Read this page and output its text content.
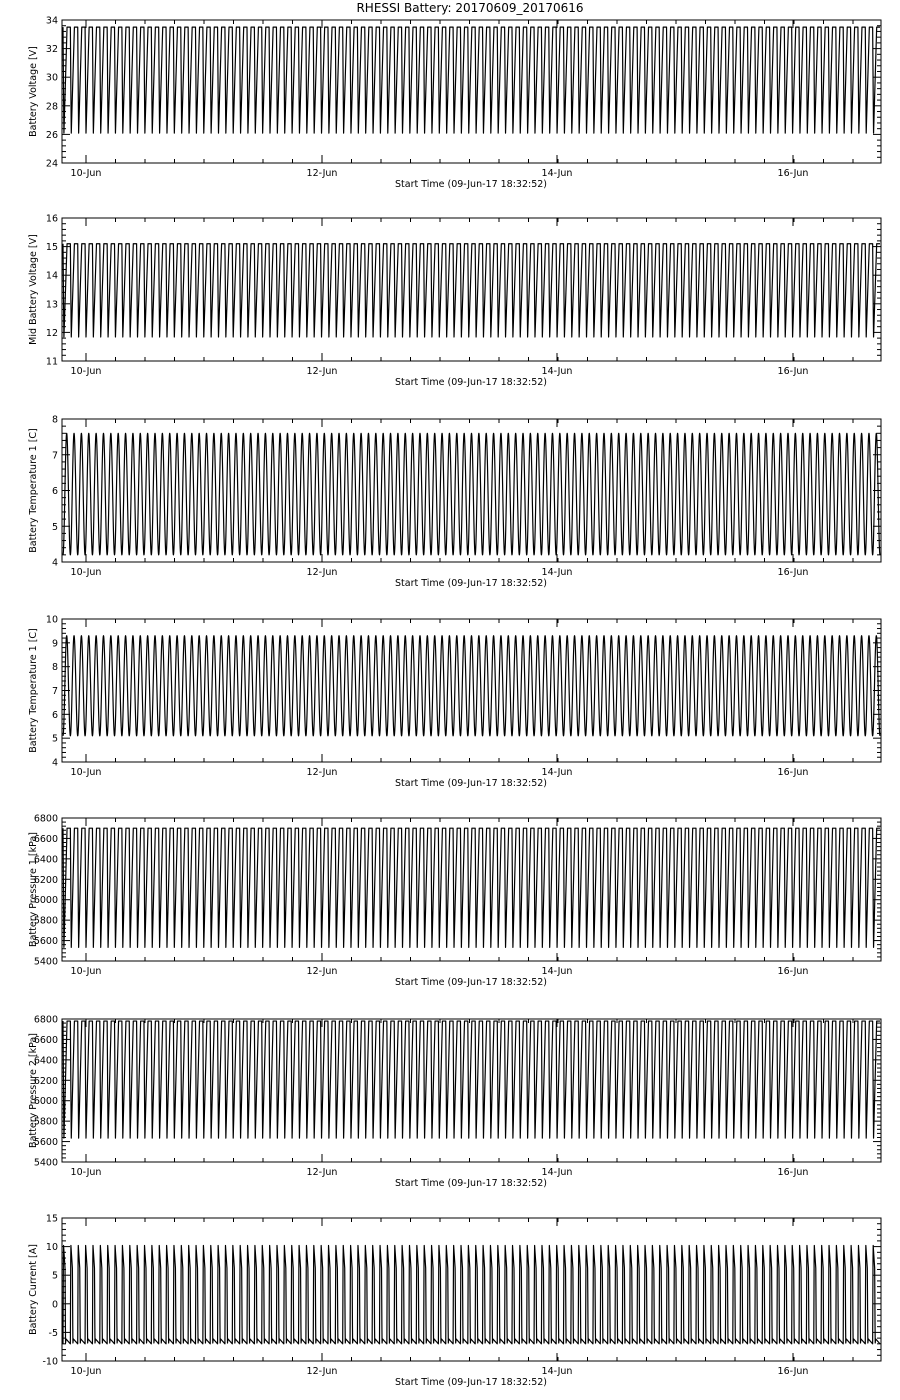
RHESSI Battery: 20170609_20170616
24
26
28
30
32
34
10-Jun	12-Jun	14-Jun	16-Jun
Start Time (09-Jun-17 18:32:52)
Battery Voltage [V]
11
12
13
14
15
16
10-Jun	12-Jun	14-Jun	16-Jun
Start Time (09-Jun-17 18:32:52)
Mid Battery Voltage [V]
4
5
6
7
8
10-Jun	12-Jun	14-Jun	16-Jun
Start Time (09-Jun-17 18:32:52)
Battery Temperature 1 [C]
4
5
6
7
8
9
10
10-Jun	12-Jun	14-Jun	16-Jun
Start Time (09-Jun-17 18:32:52)
Battery Temperature 1 [C]
5400
5600
5800
6000
6200
6400
6600
6800
10-Jun	12-Jun	14-Jun	16-Jun
Start Time (09-Jun-17 18:32:52)
Battery Pressure 1 [kPa]
5400
5600
5800
6000
6200
6400
6600
6800
10-Jun	12-Jun	14-Jun	16-Jun
Start Time (09-Jun-17 18:32:52)
Battery Pressure 2 [kPa]
-10
-5
0
5
10
15
10-Jun	12-Jun	14-Jun	16-Jun
Start Time (09-Jun-17 18:32:52)
Battery Current [A]
